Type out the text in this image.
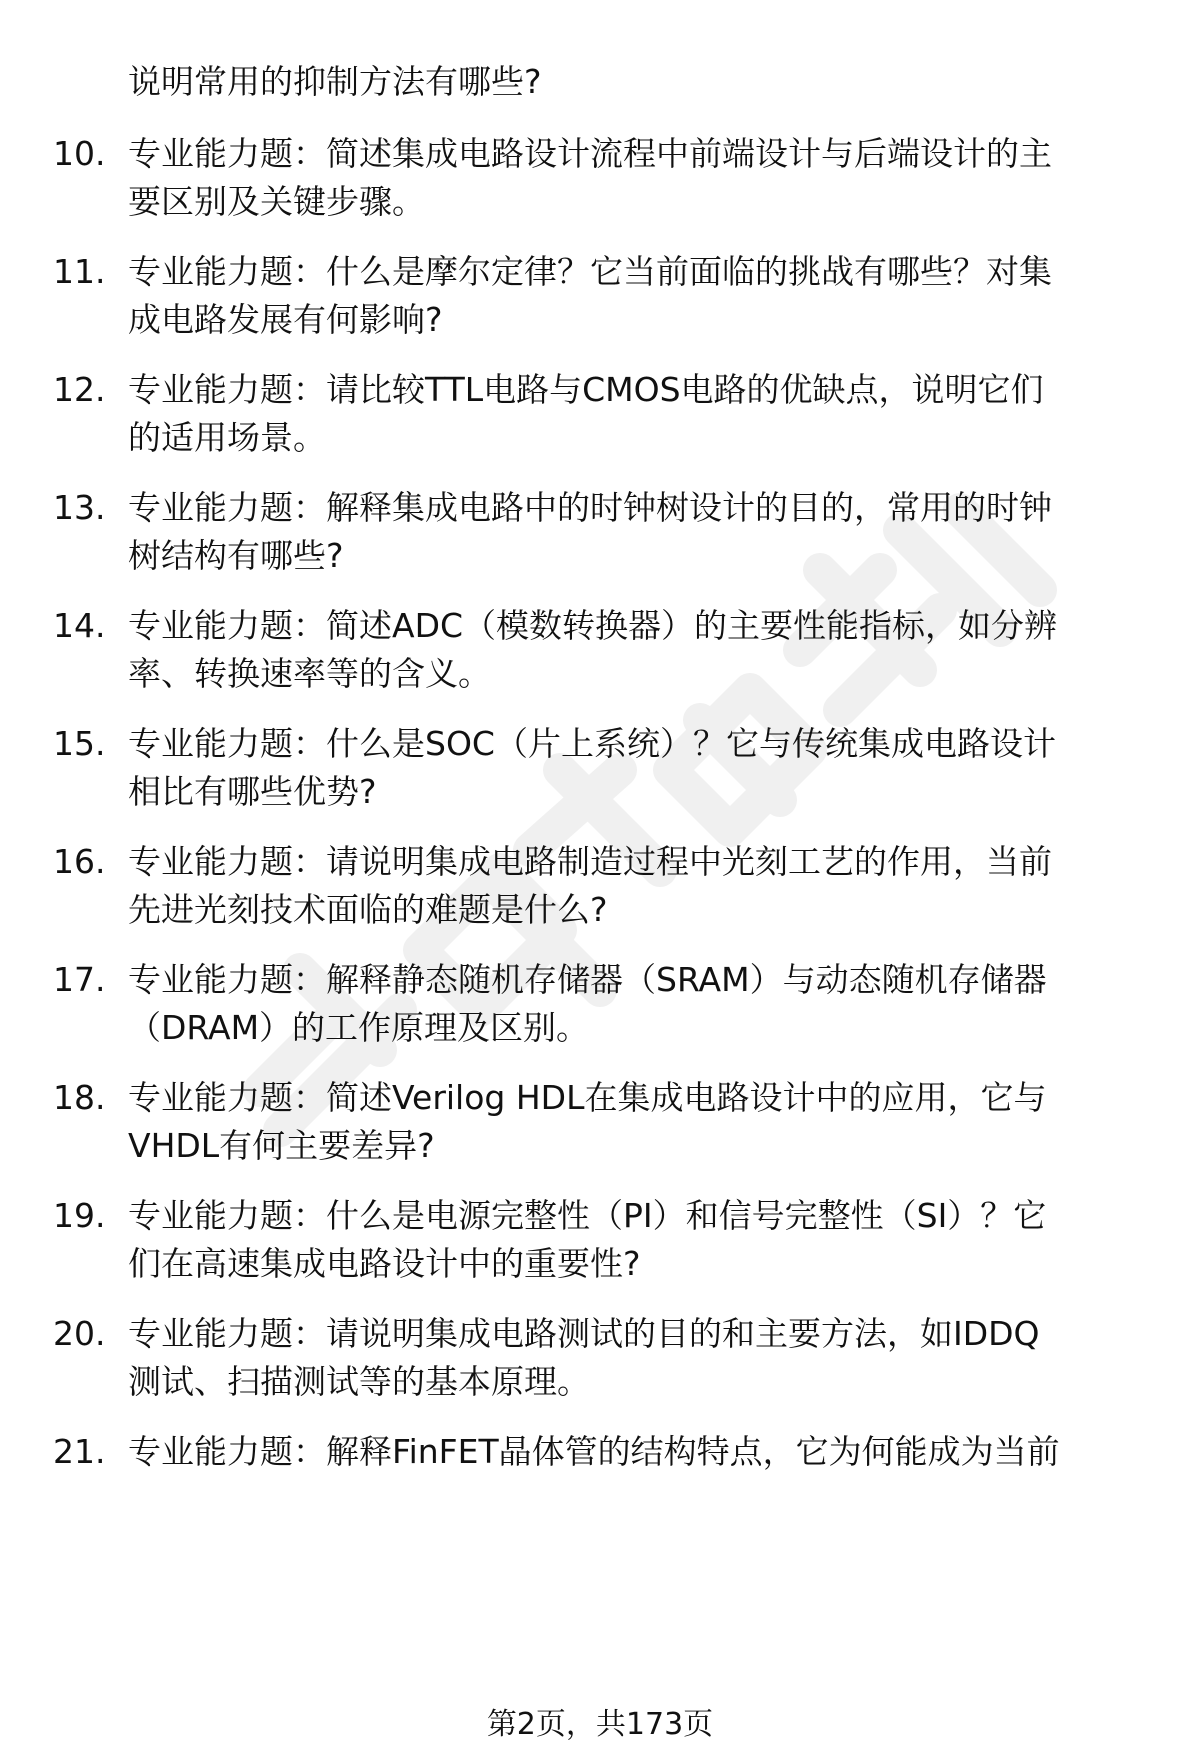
说明常用的抑制方法有哪些?
10. 专业能力题：简述集成电路设计流程中前端设计与后端设计的主
要区别及关键步骤。
11. 专业能力题：什么是摩尔定律？它当前面临的挑战有哪些？对集
成电路发展有何影响?
12. 专业能力题：请比较TTL电路与CMOS电路的优缺点，说明它们
的适用场景。
13. 专业能力题：解释集成电路中的时钟树设计的目的，常用的时钟
树结构有哪些?
14. 专业能力题：简述ADC（模数转换器）的主要性能指标，如分辨
率、转换速率等的含义。
15. 专业能力题：什么是SOC（片上系统）？它与传统集成电路设计
相比有哪些优势?
16. 专业能力题：请说明集成电路制造过程中光刻工艺的作用，当前
先进光刻技术面临的难题是什么?
17. 专业能力题：解释静态随机存储器（SRAM）与动态随机存储器
（DRAM）的工作原理及区别。
18. 专业能力题：简述Verilog HDL在集成电路设计中的应用，它与
VHDL有何主要差异?
19. 专业能力题：什么是电源完整性（PI）和信号完整性（SI）？它
们在高速集成电路设计中的重要性?
20. 专业能力题：请说明集成电路测试的目的和主要方法，如IDDQ
测试、扫描测试等的基本原理。
21. 专业能力题：解释FinFET晶体管的结构特点，它为何能成为当前
第2页，共173页
